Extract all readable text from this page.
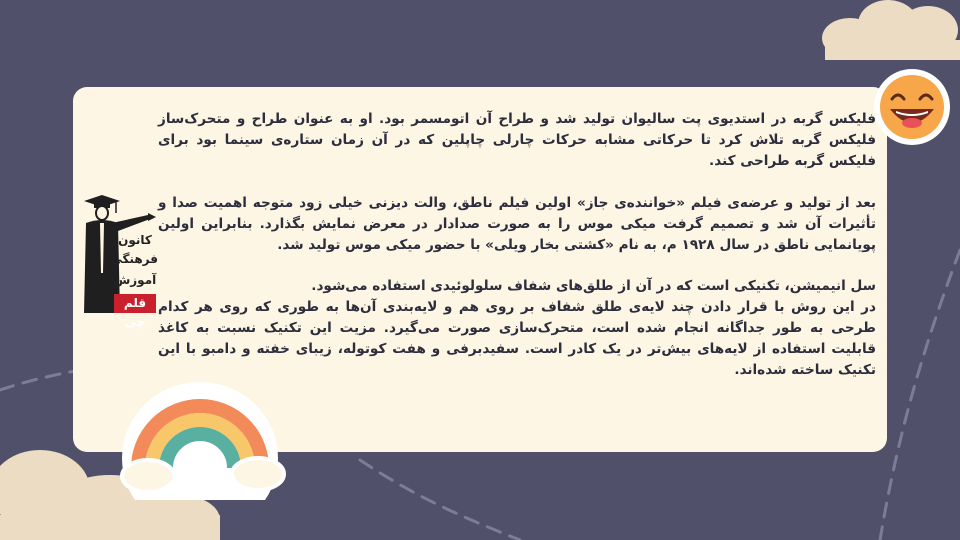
کانون
فرهنگی
آموزش
قلم چی

فلیکس گربه در استدیوی پت سالیوان تولید شد و طراح آن اتومسمر بود. او به عنوان طراح و متحرک‌ساز فلیکس گربه تلاش کرد تا حرکاتی مشابه حرکات چارلی چاپلین که در آن زمان ستاره‌ی سینما بود برای فلیکس گربه طراحی کند.

بعد از تولید و عرضه‌ی فیلم «خواننده‌ی جاز» اولین فیلم ناطق، والت دیزنی خیلی زود متوجه اهمیت صدا و تأثیرات آن شد و تصمیم گرفت میکی موس را به صورت صدادار در معرض نمایش بگذارد. بنابراین اولین پویانمایی ناطق در سال ۱۹۲۸ م، به نام «کشتی بخار ویلی» با حضور میکی موس تولید شد.

سل انیمیشن، تکنیکی است که در آن از طلق‌های شفاف سلولوئیدی استفاده می‌شود.

در این روش با قرار دادن چند لایه‌ی طلق شفاف بر روی هم و لایه‌بندی آن‌ها به طوری که روی هر کدام طرحی به طور جداگانه انجام شده است، متحرک‌سازی صورت می‌گیرد. مزیت این تکنیک نسبت به کاغذ قابلیت استفاده از لایه‌های بیش‌تر در یک کادر است. سفیدبرفی و هفت کوتوله، زیبای خفته و دامبو با این تکنیک ساخته شده‌اند.
